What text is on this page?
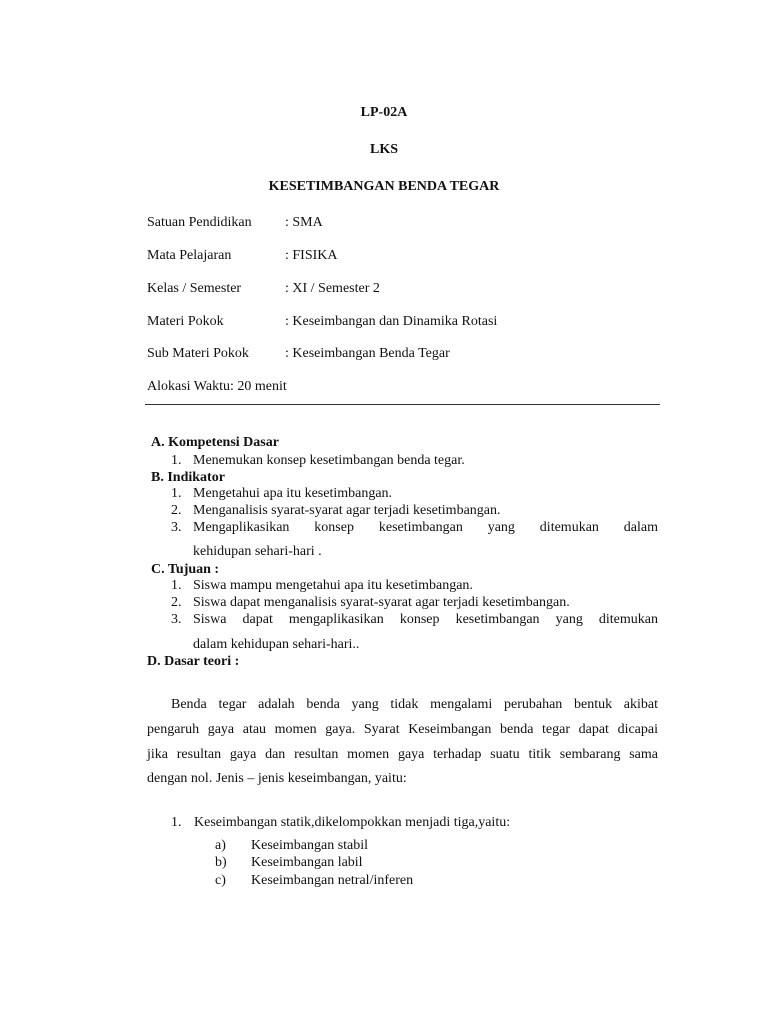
LP-02A
LKS
KESETIMBANGAN BENDA TEGAR
Satuan Pendidikan : SMA
Mata Pelajaran	: FISIKA
Kelas / Semester	: XI / Semester 2
Materi Pokok	: Keseimbangan dan Dinamika Rotasi
Sub Materi Pokok	: Keseimbangan Benda Tegar
Alokasi Waktu: 20 menit
A. Kompetensi Dasar
1. Menemukan konsep kesetimbangan benda tegar.
B. Indikator
1. Mengetahui apa itu kesetimbangan.
2. Menganalisis syarat-syarat agar terjadi kesetimbangan.
3. Mengaplikasikan konsep kesetimbangan yang ditemukan dalam
kehidupan sehari-hari .
C. Tujuan :
1. Siswa mampu mengetahui apa itu kesetimbangan.
2. Siswa dapat menganalisis syarat-syarat agar terjadi kesetimbangan.
3. Siswa dapat mengaplikasikan konsep kesetimbangan yang ditemukan
dalam kehidupan sehari-hari..
D. Dasar teori :
Benda tegar adalah benda yang tidak mengalami perubahan bentuk akibat
pengaruh gaya atau momen gaya. Syarat Keseimbangan benda tegar dapat dicapai
jika resultan gaya dan resultan momen gaya terhadap suatu titik sembarang sama
dengan nol. Jenis – jenis keseimbangan, yaitu:
1. Keseimbangan statik,dikelompokkan menjadi tiga,yaitu:
a) Keseimbangan stabil
b) Keseimbangan labil
c) Keseimbangan netral/inferen
